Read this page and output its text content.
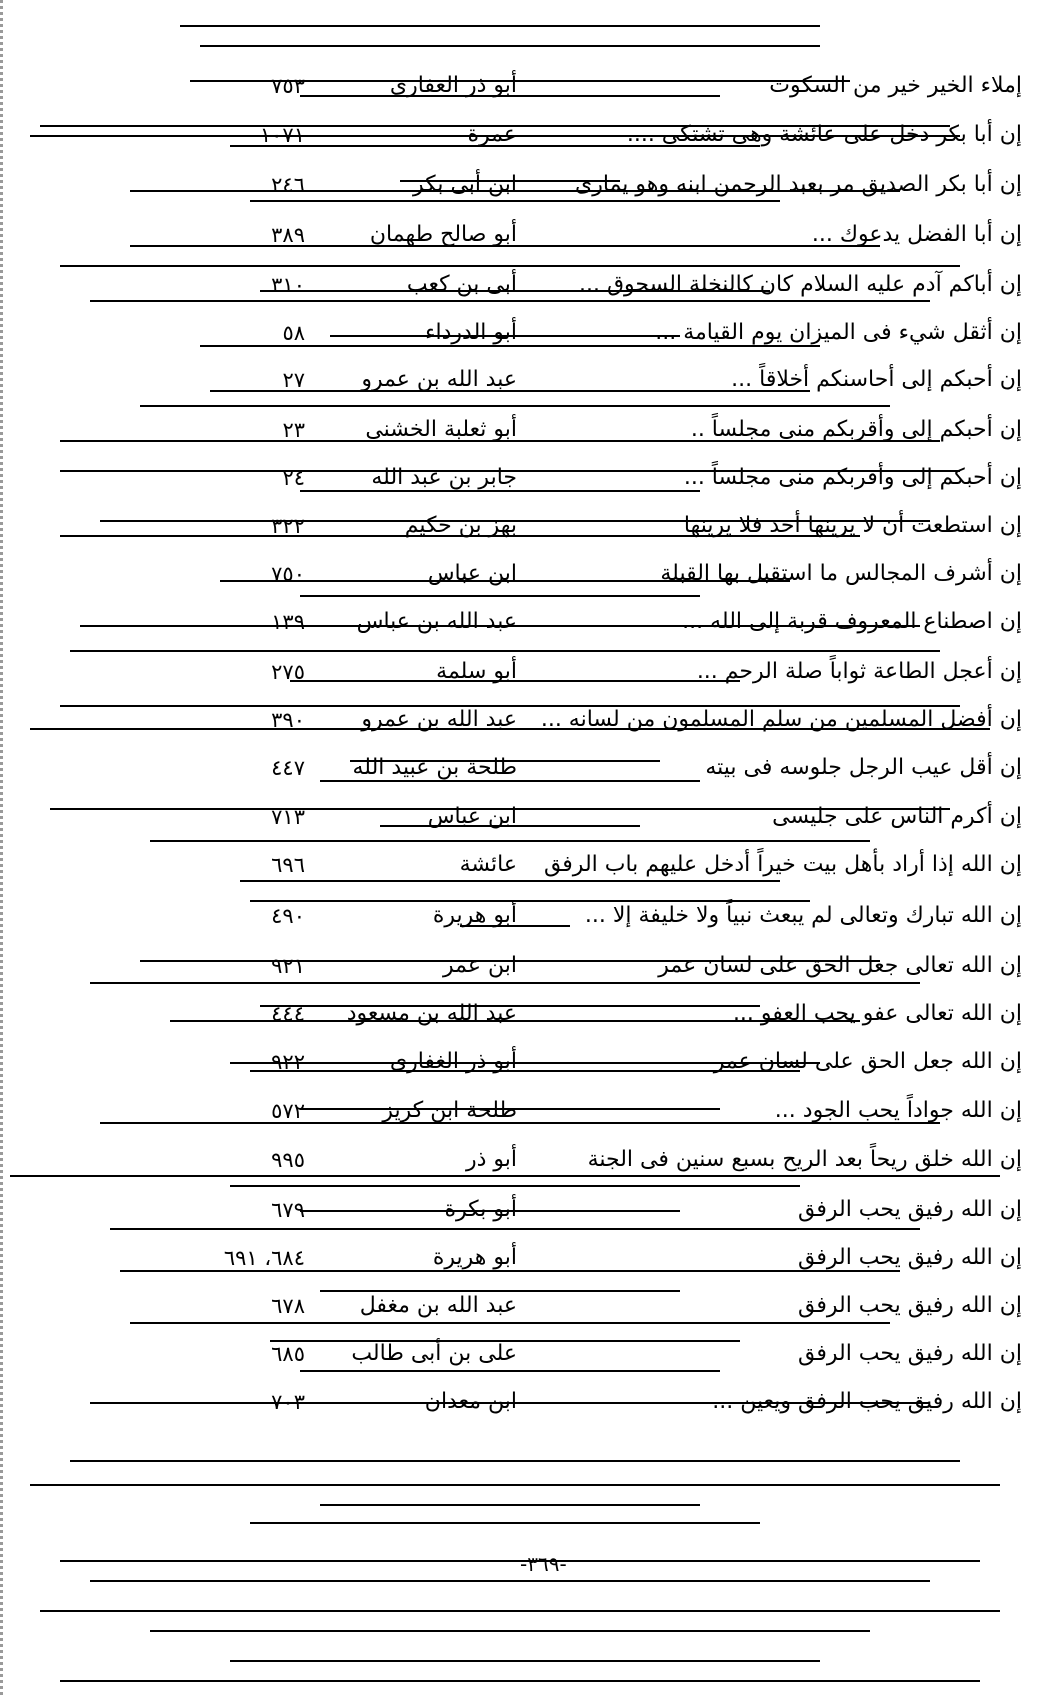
إملاء الخير خير من السكوت
أبو ذر الغفارى
٧٥٣
إن أبا بكر دخل على عائشة وهى تشتكى ....
عمرة
١٠٧١
إن أبا بكر الصديق مر بعبد الرحمن ابنه وهو يمارى
ابن أبى بكر
٢٤٦
إن أبا الفضل يدعوك ...
أبو صالح طهمان
٣٨٩
إن أباكم آدم عليه السلام كان كالنخلة السحوق ...
أبى بن كعب
٣١٠
إن أثقل شيء فى الميزان يوم القيامة ...
أبو الدرداء
٥٨
إن أحبكم إلى أحاسنكم أخلاقاً ...
عبد الله بن عمرو
٢٧
إن أحبكم إلى وأقربكم منى مجلساً ..
أبو ثعلبة الخشنى
٢٣
إن أحبكم إلى وأقربكم منى مجلساً ...
جابر بن عبد الله
٢٤
إن استطعت أن لا يرينها أحد فلا يرينها
بهز بن حكيم
٣٢٢
إن أشرف المجالس ما استقبل بها القبلة
ابن عباس
٧٥٠
إن اصطناع المعروف قربة إلى الله ...
عبد الله بن عباس
١٣٩
إن أعجل الطاعة ثواباً صلة الرحم ...
أبو سلمة
٢٧٥
إن أفضل المسلمين من سلم المسلمون من لسانه ...
عبد الله بن عمرو
٣٩٠
إن أقل عيب الرجل جلوسه فى بيته
طلحة بن عبيد الله
٤٤٧
إن أكرم الناس على جليسى
ابن عباس
٧١٣
إن الله إذا أراد بأهل بيت خيراً أدخل عليهم باب الرفق
عائشة
٦٩٦
إن الله تبارك وتعالى لم يبعث نبياً ولا خليفة إلا ...
أبو هريرة
٤٩٠
إن الله تعالى جعل الحق على لسان عمر
ابن عمر
٩٢١
إن الله تعالى عفو يحب العفو ...
عبد الله بن مسعود
٤٤٤
إن الله جعل الحق على لسان عمر
أبو ذر الغفارى
٩٢٢
إن الله جواداً يحب الجود ...
طلحة ابن كريز
٥٧٢
إن الله خلق ريحاً بعد الريح بسبع سنين فى الجنة
أبو ذر
٩٩٥
إن الله رفيق يحب الرفق
أبو بكرة
٦٧٩
إن الله رفيق يحب الرفق
أبو هريرة
٦٨٤، ٦٩١
إن الله رفيق يحب الرفق
عبد الله بن مغفل
٦٧٨
إن الله رفيق يحب الرفق
على بن أبى طالب
٦٨٥
إن الله رفيق يحب الرفق ويعين ...
ابن معدان
٧٠٣
-٣٦٩-
